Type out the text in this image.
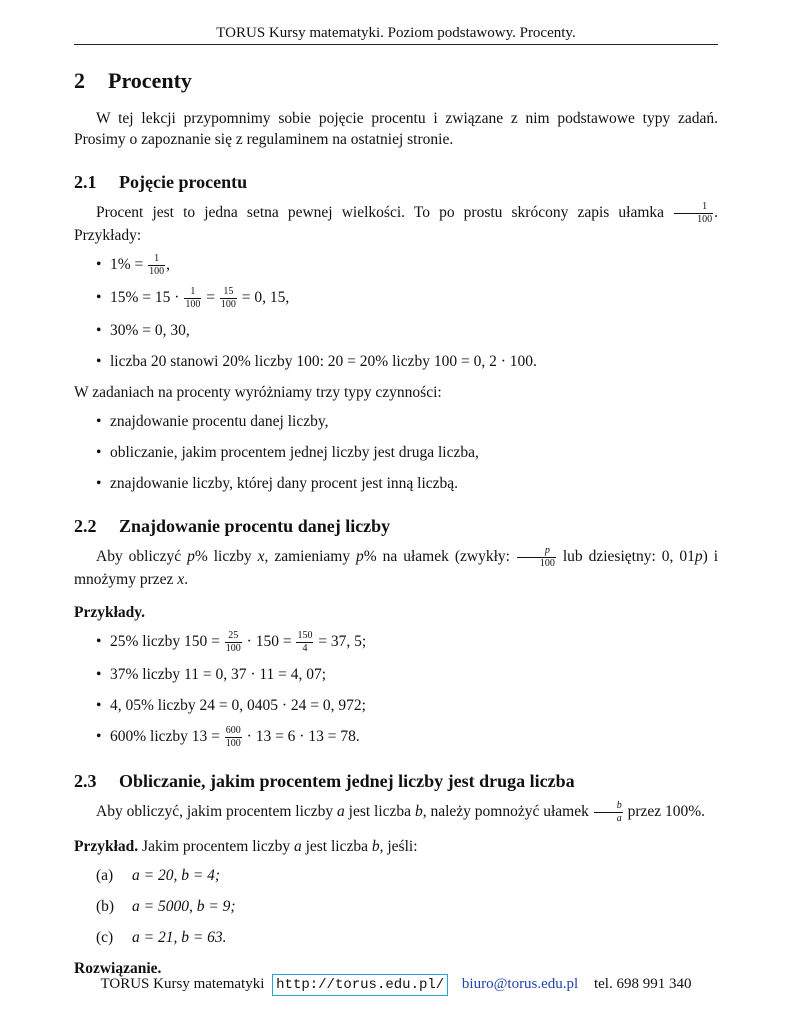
TORUS Kursy matematyki. Poziom podstawowy. Procenty.
2 Procenty

W tej lekcji przypomnimy sobie pojęcie procentu i związane z nim podstawowe typy zadań. Prosimy o zapoznanie się z regulaminem na ostatniej stronie.

2.1 Pojęcie procentu

Procent jest to jedna setna pewnej wielkości. To po prostu skrócony zapis ułamka $\frac{1}{100}$ . Przykłady:

• $1\% = \frac{1}{100}$ ,
• $15\% = 15 \cdot \frac{1}{100} = \frac{15}{100} = 0$, 15,
• 30% = 0, 30,
• liczba 20 stanowi 20% liczby 100: 20 = 20% liczby 100 = 0, 2 · 100.

W zadaniach na procenty wyróżniamy trzy typy czynności:

• znajdowanie procentu danej liczby,
• obliczanie, jakim procentem jednej liczby jest druga liczba,
• znajdowanie liczby, której dany procent jest inną liczbą.
2.2 Znajdowanie procentu danej liczby

Aby obliczyć p% liczby x, zamieniamy p% na ułamek (zwykły: $\frac{p}{100}$ lub dziesiętny: 0, 01p) i mnożymy przez x.

Przykłady.

• 25% liczby $150 = \frac{25}{100} \cdot 150 = \frac{150}{4} = 37$, 5;
• 37% liczby 11 = 0, 37 · 11 = 4, 07;
• 4, 05% liczby 24 = 0, 0405 · 24 = 0, 972;
• 600% liczby $13 = \frac{600}{100} \cdot 13 = 6 \cdot 13 = 78$.
2.3 Obliczanie, jakim procentem jednej liczby jest druga liczba

Aby obliczyć, jakim procentem liczby a jest liczba b, należy pomnożyć ułamek $\frac{b}{a}$ przez 100%.

Przykład. Jakim procentem liczby a jest liczba b, jeśli:

(a)	a = 20, b = 4;
(b)	a = 5000, b = 9;
(c)	a = 21, b = 63.

Rozwiązanie.

TORUS Kursy matematyki http://torus.edu.pl/ biuro@torus.edu.pl tel. 698 991 340
